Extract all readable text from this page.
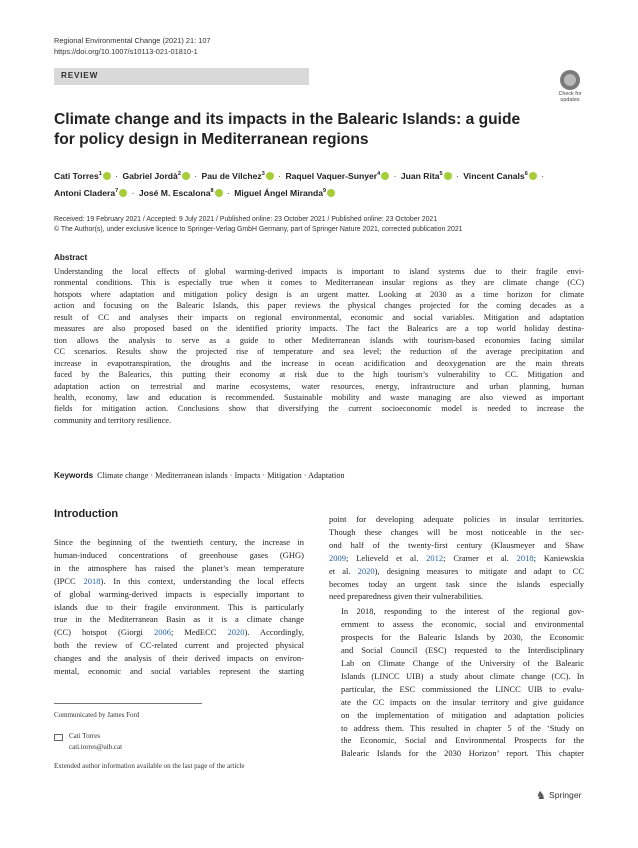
Regional Environmental Change (2021) 21: 107
https://doi.org/10.1007/s10113-021-01810-1
REVIEW
Check for
updates
Climate change and its impacts in the Balearic Islands: a guide
for policy design in Mediterranean regions
Cati Torres$^1$ · Gabriel Jordà$^2$ · Pau de Vílchez$^3$ · Raquel Vaquer-Sunyer$^4$ · Juan Rita$^5$ · Vincent Canals$^6$ ·
Antoni Cladera$^7$ · José M. Escalona$^8$ · Miguel Ángel Miranda$^9$
Received: 19 February 2021 / Accepted: 9 July 2021 / Published online: 23 October 2021 / Published online: 23 October 2021
© The Author(s), under exclusive licence to Springer-Verlag GmbH Germany, part of Springer Nature 2021, corrected publication 2021
Abstract
Understanding the local effects of global warming-derived impacts is important to island systems due to their fragile envi-
ronmental conditions. This is especially true when it comes to Mediterranean insular regions as they are climate change (CC)
hotspots where adaptation and mitigation policy design is an urgent matter. Looking at 2030 as a time horizon for climate
action and focusing on the Balearic Islands, this paper reviews the physical changes projected for the coming decades as a
result of CC and analyses their impacts on regional environmental, economic and social variables. Mitigation and adaptation
measures are also proposed based on the identified priority impacts. The fact the Balearics are a top world holiday destina-
tion allows the analysis to serve as a guide to other Mediterranean islands with tourism-based economies facing similar
CC scenarios. Results show the projected rise of temperature and sea level; the reduction of the average precipitation and
increase in evapotranspiration, the droughts and the increase in ocean acidification and deoxygenation are the main threats
faced by the Balearics, this putting their economy at risk due to the high tourism’s vulnerability to CC. Mitigation and
adaptation action on terrestrial and marine ecosystems, water resources, energy, infrastructure and urban planning, human
health, economy, law and education is recommended. Sustainable mobility and waste managing are also viewed as important
fields for mitigation action. Conclusions show that diversifying the current socioeconomic model is needed to increase the
community and territory resilience.
Keywords Climate change · Mediterranean islands · Impacts · Mitigation · Adaptation
Introduction
Since the beginning of the twentieth century, the increase in
human-induced concentrations of greenhouse gases (GHG)
in the atmosphere has raised the planet’s mean temperature
(IPCC 2018). In this context, understanding the local effects
of global warming-derived impacts is especially important to
islands due to their fragile environment. This is particularly
true in the Mediterranean Basin as it is a climate change
(CC) hotspot (Giorgi 2006; MedECC 2020). Accordingly,
both the review of CC-related current and projected physical
changes and the analysis of their derived impacts on environ-
mental, economic and social variables represent the starting
point for developing adequate policies in insular territories.
Though these changes will be most noticeable in the sec-
ond half of the twenty-first century (Klausmeyer and Shaw
2009; Lelieveld et al. 2012; Cramer et al. 2018; Kaniewskia
et al. 2020), designing measures to mitigate and adapt to CC
becomes today an urgent task since the islands especially
need preparedness given their vulnerabilities.
In 2018, responding to the interest of the regional gov-
ernment to assess the economic, social and environmental
prospects for the Balearic Islands by 2030, the Economic
and Social Council (ESC) requested to the Interdisciplinary
Lab on Climate Change of the University of the Balearic
Islands (LINCC UIB) a study about climate change (CC). In
particular, the ESC commissioned the LINCC UIB to evalu-
ate the CC impacts on the insular territory and give guidance
on the implementation of mitigation and adaptation policies
to address them. This resulted in chapter 5 of the ‘Study on
the Economic, Social and Environmental Prospects for the
Balearic Islands for the 2030 Horizon’ report. This chapter
Communicated by James Ford
Cati Torres
cati.torres@uib.cat
Extended author information available on the last page of the article
♞ Springer
